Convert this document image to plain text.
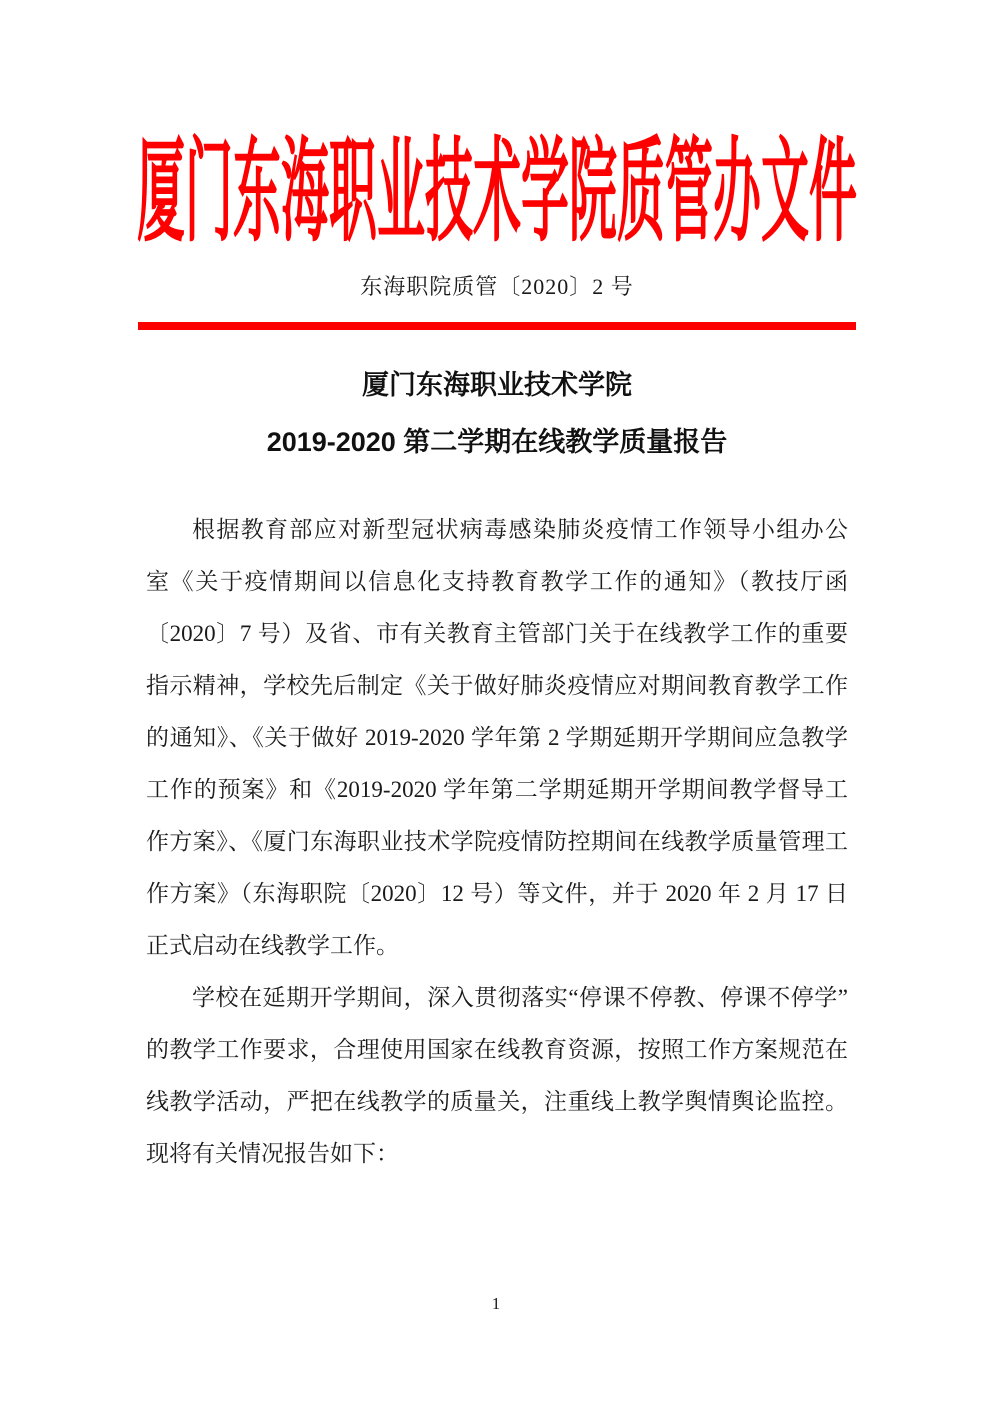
厦门东海职业技术学院质管办文件
东海职院质管〔2020〕2 号
厦门东海职业技术学院
2019-2020 第二学期在线教学质量报告
根据教育部应对新型冠状病毒感染肺炎疫情工作领导小组办公
室《关于疫情期间以信息化支持教育教学工作的通知》（教技厅函
〔2020〕7 号）及省、市有关教育主管部门关于在线教学工作的重要
指示精神，学校先后制定《关于做好肺炎疫情应对期间教育教学工作
的通知》、《关于做好 2019-2020 学年第 2 学期延期开学期间应急教学
工作的预案》和《2019-2020 学年第二学期延期开学期间教学督导工
作方案》、《厦门东海职业技术学院疫情防控期间在线教学质量管理工
作方案》（东海职院〔2020〕12 号）等文件，并于 2020 年 2 月 17 日
正式启动在线教学工作。
学校在延期开学期间，深入贯彻落实“停课不停教、停课不停学”
的教学工作要求，合理使用国家在线教育资源，按照工作方案规范在
线教学活动，严把在线教学的质量关，注重线上教学舆情舆论监控。
现将有关情况报告如下：
1
